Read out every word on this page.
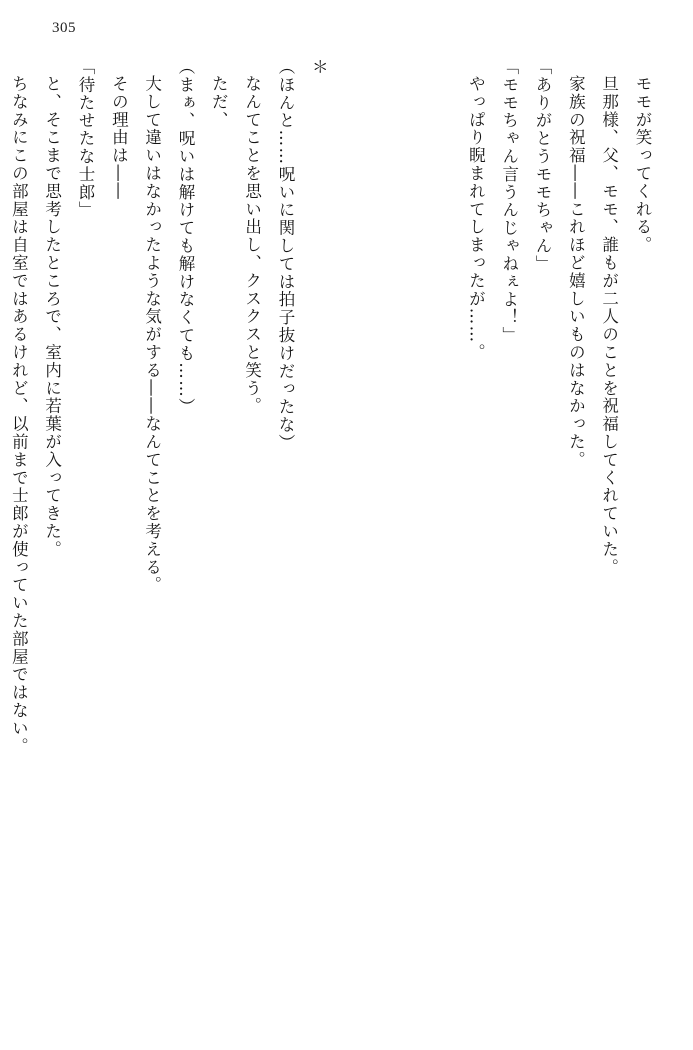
305

モモが笑ってくれる。

旦那様、父、モモ、誰もが二人のことを祝福してくれていた。

家族の祝福――これほど嬉しいものはなかった。

「ありがとうモモちゃん」

「モモちゃん言うんじゃねぇよ！」

やっぱり睨まれてしまったが……。

＊

（ほんと……呪いに関しては拍子抜けだったな）

なんてことを思い出し、クスクスと笑う。

ただ、

（まぁ、呪いは解けても解けなくても……）

大して違いはなかったような気がする――なんてことを考える。

その理由は――

「待たせたな士郎」

と、そこまで思考したところで、室内に若葉が入ってきた。

ちなみにこの部屋は自室ではあるけれど、以前まで士郎が使っていた部屋ではない。
